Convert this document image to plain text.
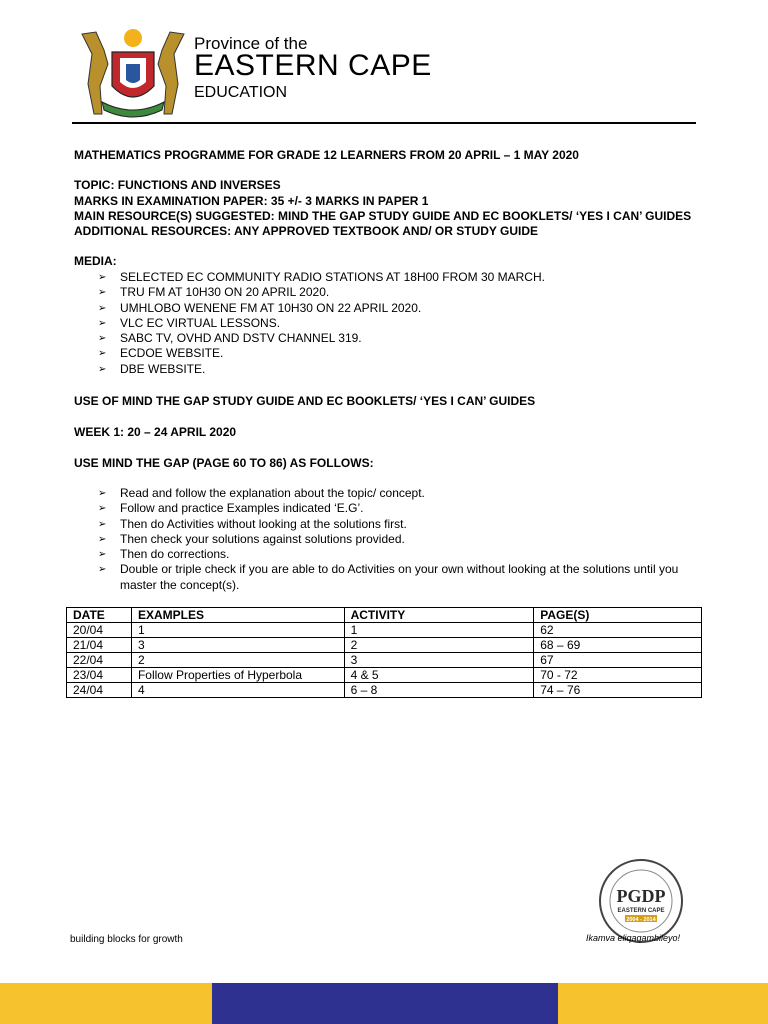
Province of the
EASTERN CAPE
EDUCATION
MATHEMATICS PROGRAMME FOR GRADE 12 LEARNERS FROM 20 APRIL – 1 MAY 2020
TOPIC: FUNCTIONS AND INVERSES
MARKS IN EXAMINATION PAPER: 35 +/- 3 MARKS IN PAPER 1
MAIN RESOURCE(S) SUGGESTED: MIND THE GAP STUDY GUIDE AND EC BOOKLETS/ ‘YES I CAN’ GUIDES
ADDITIONAL RESOURCES: ANY APPROVED TEXTBOOK AND/ OR STUDY GUIDE
MEDIA:
➢ SELECTED EC COMMUNITY RADIO STATIONS AT 18H00 FROM 30 MARCH.
➢ TRU FM AT 10H30 ON 20 APRIL 2020.
➢ UMHLOBO WENENE FM AT 10H30 ON 22 APRIL 2020.
➢ VLC EC VIRTUAL LESSONS.
➢ SABC TV, OVHD AND DSTV CHANNEL 319.
➢ ECDOE WEBSITE.
➢ DBE WEBSITE.
USE OF MIND THE GAP STUDY GUIDE AND EC BOOKLETS/ ‘YES I CAN’ GUIDES
WEEK 1: 20 – 24 APRIL 2020
USE MIND THE GAP (PAGE 60 TO 86) AS FOLLOWS:
➢ Read and follow the explanation about the topic/ concept.
➢ Follow and practice Examples indicated ‘E.G’.
➢ Then do Activities without looking at the solutions first.
➢ Then check your solutions against solutions provided.
➢ Then do corrections.
➢ Double or triple check if you are able to do Activities on your own without looking at the solutions until you
master the concept(s).
DATE	EXAMPLES	ACTIVITY	PAGE(S)
20/04	1	1	62
21/04	3	2	68 – 69
22/04	2	3	67
23/04	Follow Properties of Hyperbola	4 & 5	70 - 72
24/04	4	6 – 8	74 – 76
building blocks for growth
PGDP
EASTERN CAPE
2004 - 2014
Ikamva eliqaqambileyo!
